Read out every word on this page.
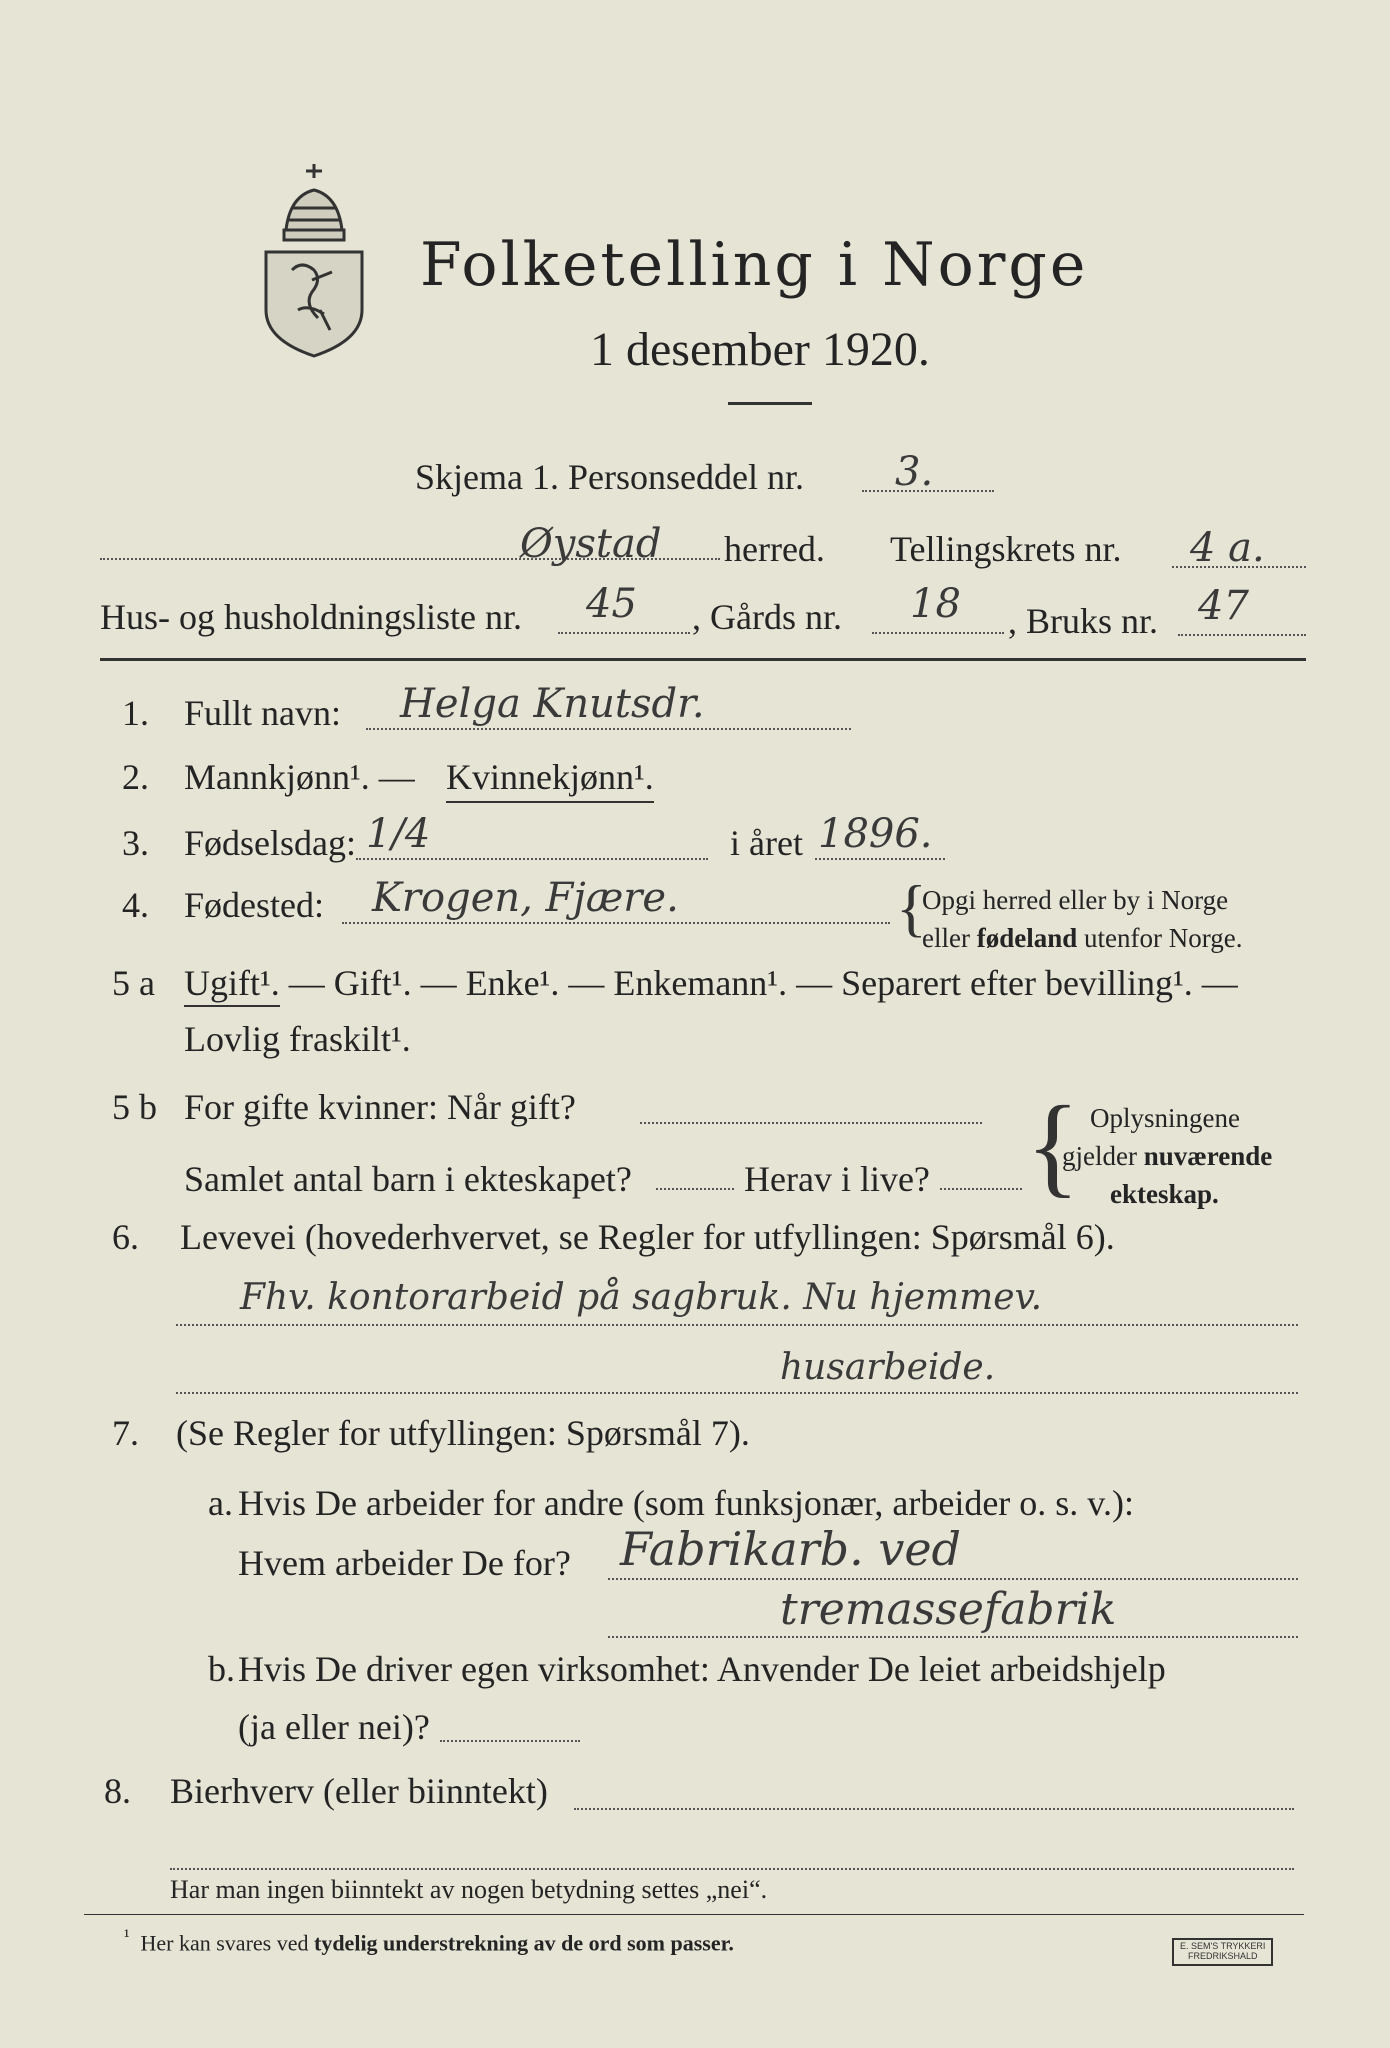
Folketelling i Norge
1 desember 1920.
Skjema 1. Personseddel nr. 3.
Øystad herred. Tellingskrets nr. 4 a.
Hus- og husholdningsliste nr. 45 , Gårds nr. 18 , Bruks nr. 47
1. Fullt navn: Helga Knutsdr.
2. Mannkjønn¹. — Kvinnekjønn¹.
3. Fødselsdag: 1/4	i året 1896.
4. Fødested: Krogen, Fjære.	{
Opgi herred eller by i Norge
eller fødeland utenfor Norge.
5 a Ugift¹. — Gift¹. — Enke¹. — Enkemann¹. — Separert efter bevilling¹. —
Lovlig fraskilt¹.
5 b For gifte kvinner: Når gift?
Samlet antal barn i ekteskapet?	Herav i live? { Oplysningene
gjelder nuværende
ekteskap.
6. Levevei (hovederhvervet, se Regler for utfyllingen: Spørsmål 6).
Fhv. kontorarbeid på sagbruk. Nu hjemmev.
husarbeide.
7. (Se Regler for utfyllingen: Spørsmål 7).
a. Hvis De arbeider for andre (som funksjonær, arbeider o. s. v.):
Hvem arbeider De for? Fabrikarb. ved
tremassefabrik
b. Hvis De driver egen virksomhet: Anvender De leiet arbeidshjelp
(ja eller nei)?
8. Bierhverv (eller biinntekt)
Har man ingen biinntekt av nogen betydning settes „nei“.
$^{^1}$ Her kan svares ved tydelig understrekning av de ord som passer.	E. SEM'S TRYKKERI
FREDRIKSHALD
